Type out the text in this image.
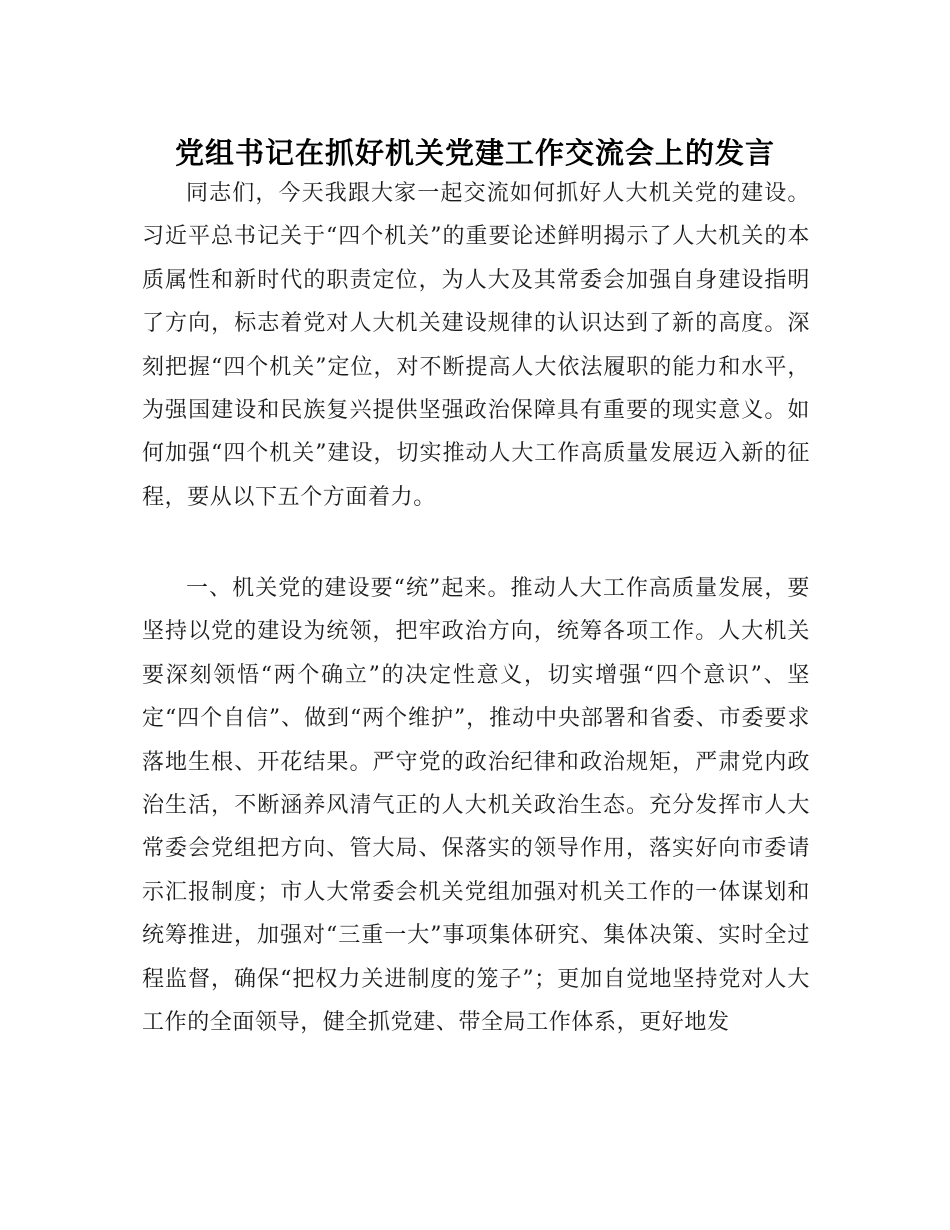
党组书记在抓好机关党建工作交流会上的发言

同志们，今天我跟大家一起交流如何抓好人大机关党的建设。习近平总书记关于“四个机关”的重要论述鲜明揭示了人大机关的本质属性和新时代的职责定位，为人大及其常委会加强自身建设指明了方向，标志着党对人大机关建设规律的认识达到了新的高度。深刻把握“四个机关”定位，对不断提高人大依法履职的能力和水平，为强国建设和民族复兴提供坚强政治保障具有重要的现实意义。如何加强“四个机关”建设，切实推动人大工作高质量发展迈入新的征程，要从以下五个方面着力。

一、机关党的建设要“统”起来。推动人大工作高质量发展，要坚持以党的建设为统领，把牢政治方向，统筹各项工作。人大机关要深刻领悟“两个确立”的决定性意义，切实增强“四个意识”、坚定“四个自信”、做到“两个维护”，推动中央部署和省委、市委要求落地生根、开花结果。严守党的政治纪律和政治规矩，严肃党内政治生活，不断涵养风清气正的人大机关政治生态。充分发挥市人大常委会党组把方向、管大局、保落实的领导作用，落实好向市委请示汇报制度；市人大常委会机关党组加强对机关工作的一体谋划和统筹推进，加强对“三重一大”事项集体研究、集体决策、实时全过程监督，确保“把权力关进制度的笼子”；更加自觉地坚持党对人大工作的全面领导，健全抓党建、带全局工作体系，更好地发
